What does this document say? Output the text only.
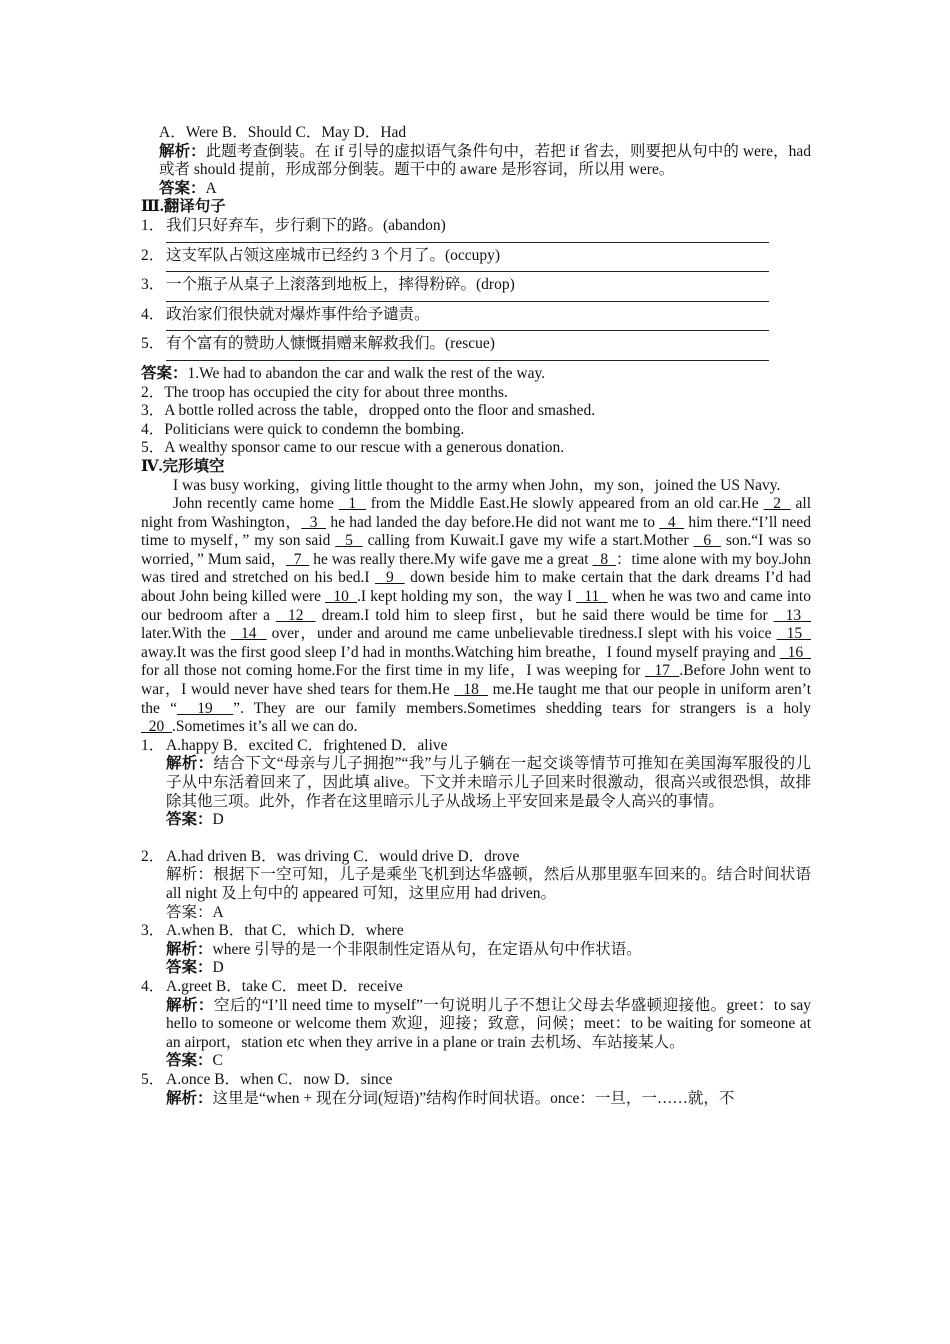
A．Were B．Should C．May D．Had
解析：此题考查倒装。在 if 引导的虚拟语气条件句中，若把 if 省去，则要把从句中的 were，had 或者 should 提前，形成部分倒装。题干中的 aware 是形容词，所以用 were。
答案：A
Ⅲ.翻译句子
1． 我们只好弃车，步行剩下的路。(abandon)
2． 这支军队占领这座城市已经约 3 个月了。(occupy)
3． 一个瓶子从桌子上滚落到地板上，摔得粉碎。(drop)
4． 政治家们很快就对爆炸事件给予谴责。
5． 有个富有的赞助人慷慨捐赠来解救我们。(rescue)
答案：1.We had to abandon the car and walk the rest of the way.
2．The troop has occupied the city for about three months.
3．A bottle rolled across the table，dropped onto the floor and smashed.
4．Politicians were quick to condemn the bombing.
5．A wealthy sponsor came to our rescue with a generous donation.
Ⅳ.完形填空
I was busy working，giving little thought to the army when John，my son，joined the US Navy.
John recently came home   1   from the Middle East.He slowly appeared from an old car.He   2   all night from Washington，  3   he had landed the day before.He did not want me to   4   him there.“I’ll need time to myself，” my son said   5   calling from Kuwait.I gave my wife a start.Mother   6   son.“I was so worried，” Mum said，  7   he was really there.My wife gave me a great   8  ：time alone with my boy.John was tired and stretched on his bed.I   9   down beside him to make certain that the dark dreams I’d had about John being killed were   10  .I kept holding my son，the way I   11   when he was two and came into our bedroom after a   12   dream.I told him to sleep first，but he said there would be time for   13   later.With the   14   over，under and around me came unbelievable tiredness.I slept with his voice   15   away.It was the first good sleep I’d had in months.Watching him breathe，I found myself praying and   16   for all those not coming home.For the first time in my life，I was weeping for   17  .Before John went to war，I would never have shed tears for them.He   18   me.He taught me that our people in uniform aren’t the “  19  ”. They are our family members.Sometimes shedding tears for strangers is a holy   20  .Sometimes it’s all we can do.
1． A.happy B．excited C．frightened D．alive
解析：结合下文“母亲与儿子拥抱”“我”与儿子躺在一起交谈等情节可推知在美国海军服役的儿子从中东活着回来了，因此填 alive。下文并未暗示儿子回来时很激动，很高兴或很恐惧，故排除其他三项。此外，作者在这里暗示儿子从战场上平安回来是最令人高兴的事情。
答案：D
2． A.had driven B．was driving C．would drive D．drove
解析：根据下一空可知，儿子是乘坐飞机到达华盛顿，然后从那里驱车回来的。结合时间状语 all night 及上句中的 appeared 可知，这里应用 had driven。
答案：A
3． A.when B．that C．which D．where
解析：where 引导的是一个非限制性定语从句，在定语从句中作状语。
答案：D
4． A.greet B．take C．meet D．receive
解析：空后的“I’ll need time to myself”一句说明儿子不想让父母去华盛顿迎接他。greet：to say hello to someone or welcome them 欢迎，迎接；致意，问候；meet：to be waiting for someone at an airport，station etc when they arrive in a plane or train 去机场、车站接某人。
答案：C
5． A.once B．when C．now D．since
解析：这里是“when + 现在分词(短语)”结构作时间状语。once：一旦，一……就，不
